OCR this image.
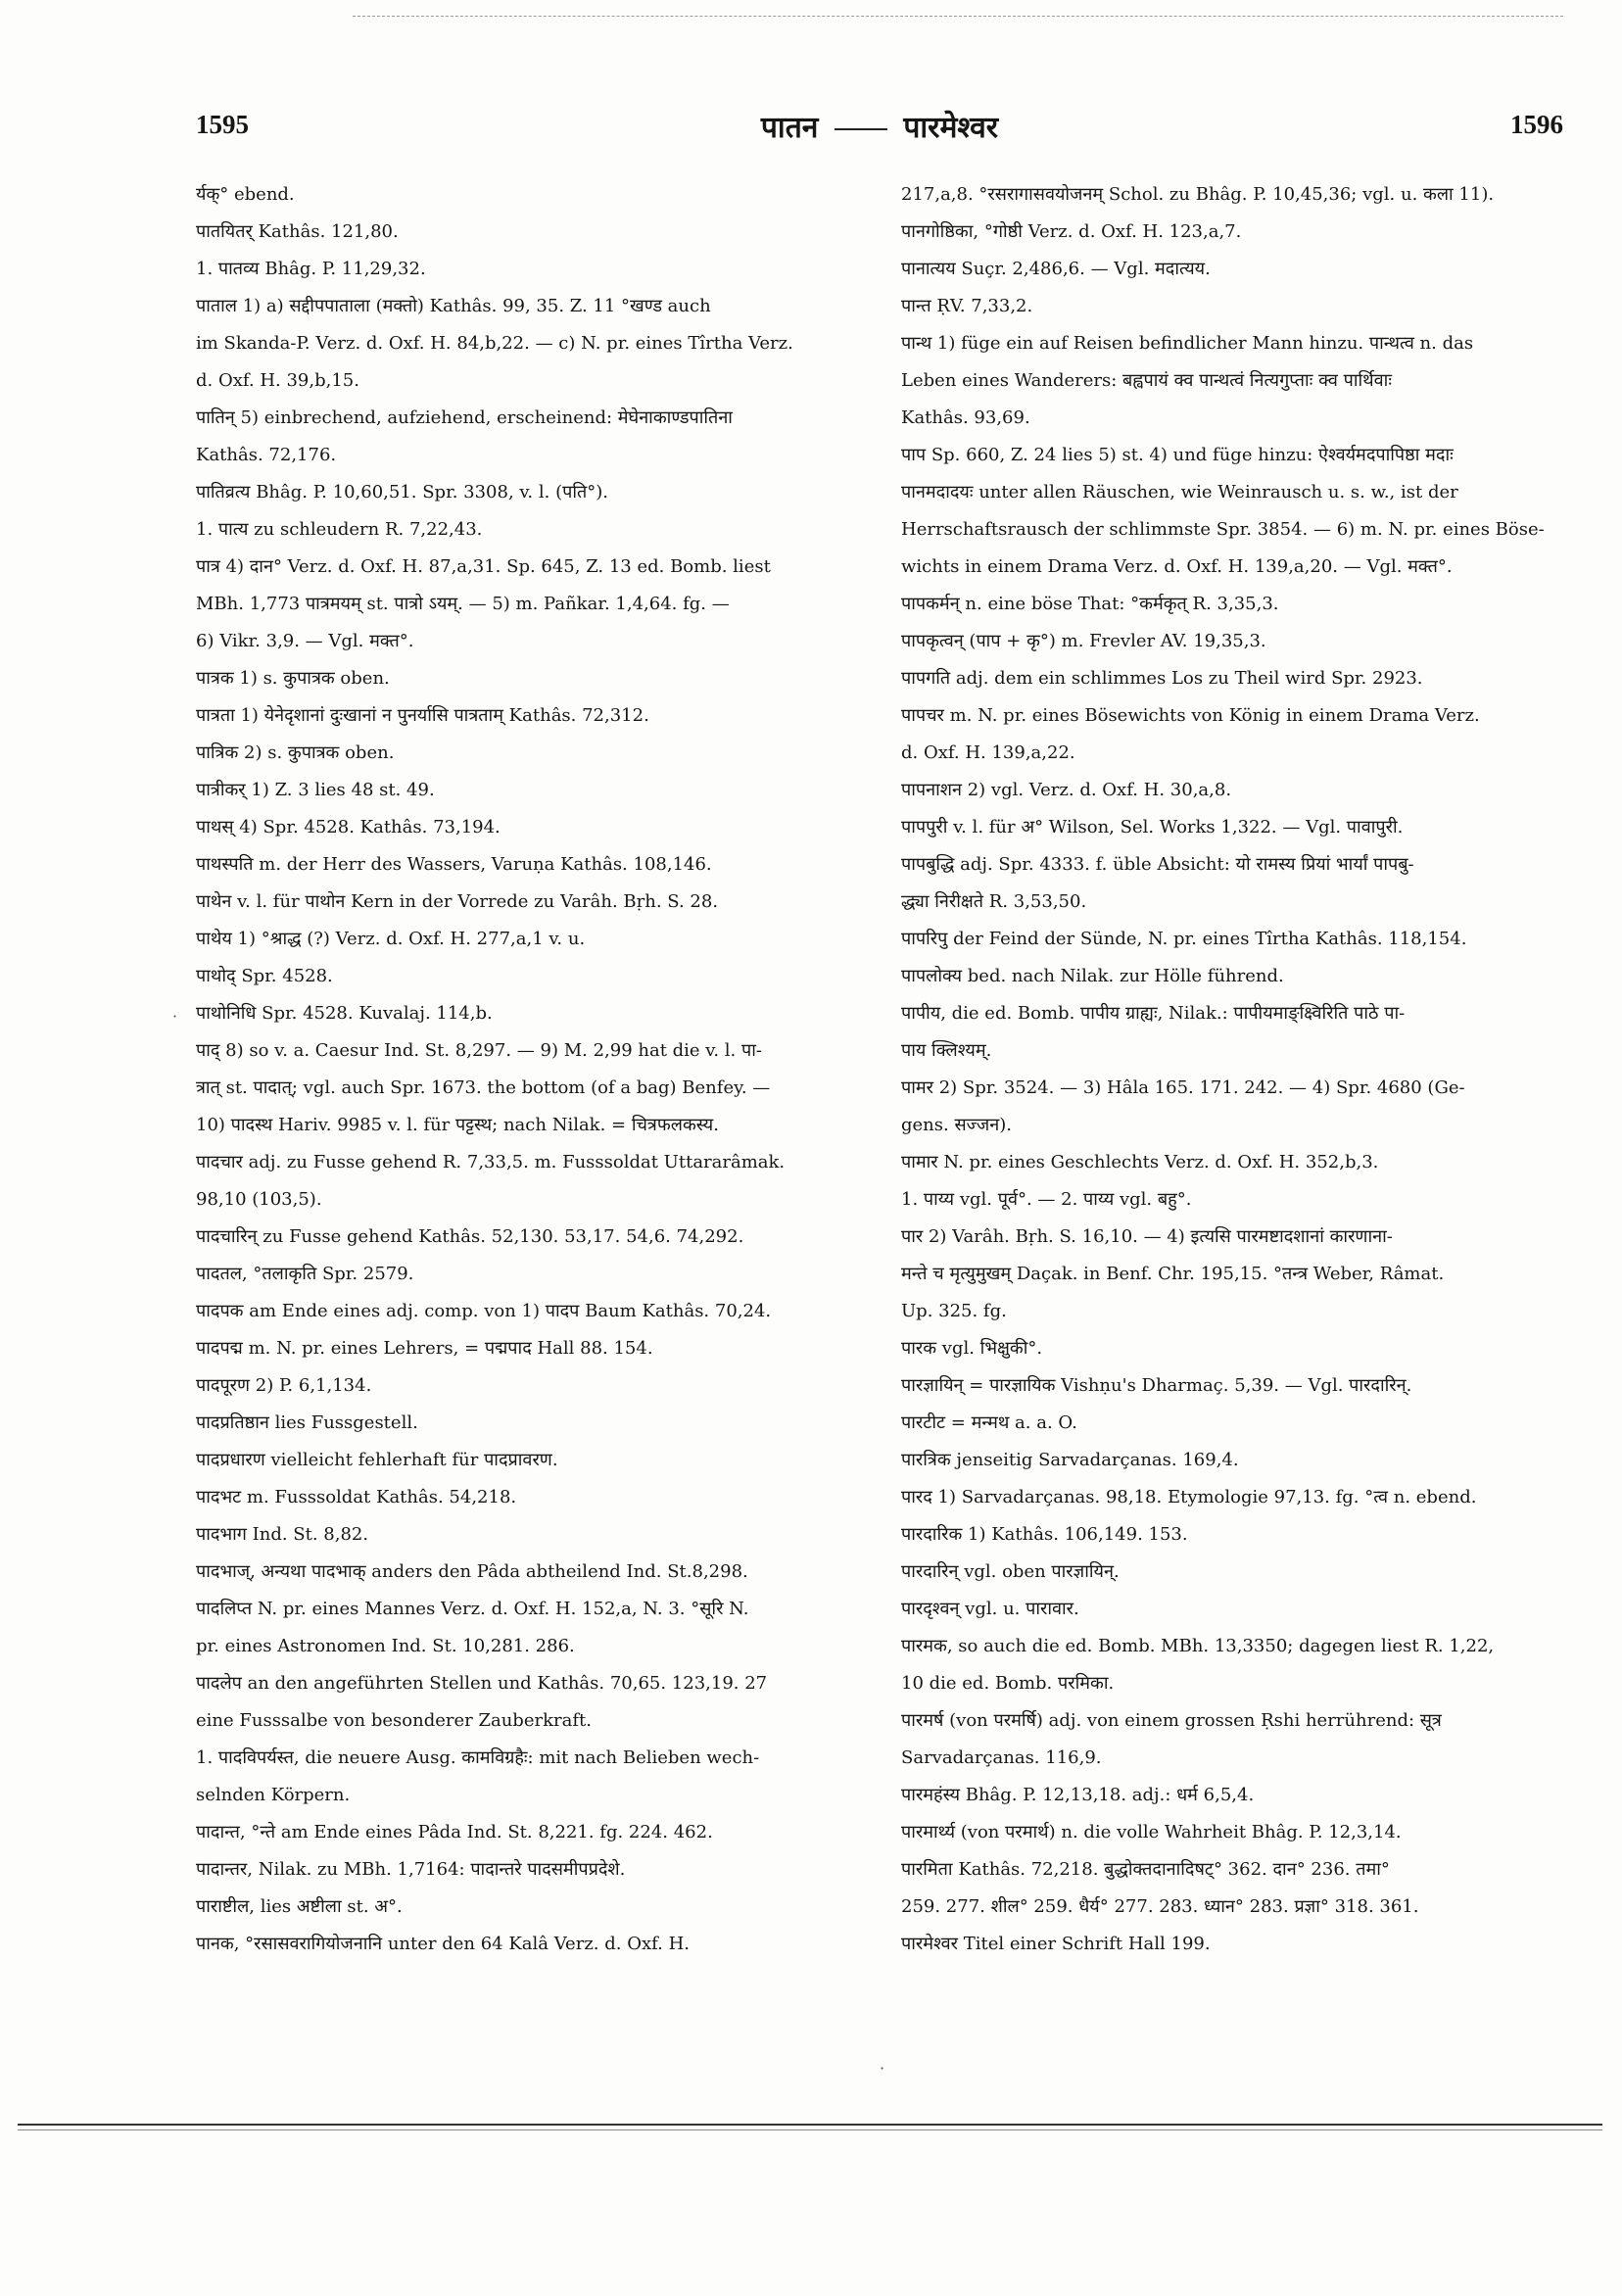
1595	पातन	पारमेश्वर	1596

र्यक्° ebend.

पातयितर् Kathâs. 121,80.

1. पातव्य Bhâg. P. 11,29,32.

पाताल 1) a) सद्दीपपाताला (मक्तो) Kathâs. 99, 35. Z. 11 °खण्ड auch

im Skanda-P. Verz. d. Oxf. H. 84,b,22. — c) N. pr. eines Tîrtha Verz.

d. Oxf. H. 39,b,15.

पातिन् 5) einbrechend, aufziehend, erscheinend: मेघेनाकाण्डपातिना

Kathâs. 72,176.

पातिव्रत्य Bhâg. P. 10,60,51. Spr. 3308, v. l. (पति°).

1. पात्य zu schleudern R. 7,22,43.

पात्र 4) दान° Verz. d. Oxf. H. 87,a,31. Sp. 645, Z. 13 ed. Bomb. liest

MBh. 1,773 पात्रमयम् st. पात्रो ऽयम्. — 5) m. Pañkar. 1,4,64. fg. —

6) Vikr. 3,9. — Vgl. मक्त°.

पात्रक 1) s. कुपात्रक oben.

पात्रता 1) येनेदृशानां दुःखानां न पुनर्यासि पात्रताम् Kathâs. 72,312.

पात्रिक 2) s. कुपात्रक oben.

पात्रीकर् 1) Z. 3 lies 48 st. 49.

पाथस् 4) Spr. 4528. Kathâs. 73,194.

पाथस्पति m. der Herr des Wassers, Varuṇa Kathâs. 108,146.

पाथेन v. l. für पाथोन Kern in der Vorrede zu Varâh. Bṛh. S. 28.

पाथेय 1) °श्राद्ध (?) Verz. d. Oxf. H. 277,a,1 v. u.

पाथोद् Spr. 4528.

पाथोनिधि Spr. 4528. Kuvalaj. 114,b.

पाद् 8) so v. a. Caesur Ind. St. 8,297. — 9) M. 2,99 hat die v. l. पा-

त्रात् st. पादात्; vgl. auch Spr. 1673. the bottom (of a bag) Benfey. —

10) पादस्थ Hariv. 9985 v. l. für पट्टस्थ; nach Nilak. = चित्रफलकस्य.

पादचार adj. zu Fusse gehend R. 7,33,5. m. Fusssoldat Uttararâmak.

98,10 (103,5).

पादचारिन् zu Fusse gehend Kathâs. 52,130. 53,17. 54,6. 74,292.

पादतल, °तलाकृति Spr. 2579.

पादपक am Ende eines adj. comp. von 1) पादप Baum Kathâs. 70,24.

पादपद्म m. N. pr. eines Lehrers, = पद्मपाद Hall 88. 154.

पादपूरण 2) P. 6,1,134.

पादप्रतिष्ठान lies Fussgestell.

पादप्रधारण vielleicht fehlerhaft für पादप्रावरण.

पादभट m. Fusssoldat Kathâs. 54,218.

पादभाग Ind. St. 8,82.

पादभाज्, अन्यथा पादभाक् anders den Pâda abtheilend Ind. St.8,298.

पादलिप्त N. pr. eines Mannes Verz. d. Oxf. H. 152,a, N. 3. °सूरि N.

pr. eines Astronomen Ind. St. 10,281. 286.

पादलेप an den angeführten Stellen und Kathâs. 70,65. 123,19. 27

eine Fusssalbe von besonderer Zauberkraft.

1. पादविपर्यस्त, die neuere Ausg. कामविग्रहैः: mit nach Belieben wech-

selnden Körpern.

पादान्त, °न्ते am Ende eines Pâda Ind. St. 8,221. fg. 224. 462.

पादान्तर, Nilak. zu MBh. 1,7164: पादान्तरे पादसमीपप्रदेशे.

पाराष्टील, lies अष्टीला st. अ°.

पानक, °रसासवरागियोजनानि unter den 64 Kalâ Verz. d. Oxf. H.

217,a,8. °रसरागासवयोजनम् Schol. zu Bhâg. P. 10,45,36; vgl. u. कला 11).

पानगोष्ठिका, °गोष्ठी Verz. d. Oxf. H. 123,a,7.

पानात्यय Suçr. 2,486,6. — Vgl. मदात्यय.

पान्त ṚV. 7,33,2.

पान्थ 1) füge ein auf Reisen befindlicher Mann hinzu. पान्थत्व n. das

Leben eines Wanderers: बह्वपायं क्व पान्थत्वं नित्यगुप्ताः क्व पार्थिवाः

Kathâs. 93,69.

पाप Sp. 660, Z. 24 lies 5) st. 4) und füge hinzu: ऐश्वर्यमदपापिष्ठा मदाः

पानमदादयः unter allen Räuschen, wie Weinrausch u. s. w., ist der

Herrschaftsrausch der schlimmste Spr. 3854. — 6) m. N. pr. eines Böse-

wichts in einem Drama Verz. d. Oxf. H. 139,a,20. — Vgl. मक्त°.

पापकर्मन् n. eine böse That: °कर्मकृत् R. 3,35,3.

पापकृत्वन् (पाप + कृ°) m. Frevler AV. 19,35,3.

पापगति adj. dem ein schlimmes Los zu Theil wird Spr. 2923.

पापचर m. N. pr. eines Bösewichts von König in einem Drama Verz.

d. Oxf. H. 139,a,22.

पापनाशन 2) vgl. Verz. d. Oxf. H. 30,a,8.

पापपुरी v. l. für अ° Wilson, Sel. Works 1,322. — Vgl. पावापुरी.

पापबुद्धि adj. Spr. 4333. f. üble Absicht: यो रामस्य प्रियां भार्यां पापबु-

द्ध्या निरीक्षते R. 3,53,50.

पापरिपु der Feind der Sünde, N. pr. eines Tîrtha Kathâs. 118,154.

पापलोक्य bed. nach Nilak. zur Hölle führend.

पापीय, die ed. Bomb. पापीय ग्राह्यः, Nilak.: पापीयमाङ्क्ष्विरिति पाठे पा-

पाय क्लिश्यम्.

पामर 2) Spr. 3524. — 3) Hâla 165. 171. 242. — 4) Spr. 4680 (Ge-

gens. सज्जन).

पामार N. pr. eines Geschlechts Verz. d. Oxf. H. 352,b,3.

1. पाय्य vgl. पूर्व°. — 2. पाय्य vgl. बहु°.

पार 2) Varâh. Bṛh. S. 16,10. — 4) इत्यसि पारमष्टादशानां कारणाना-

मन्ते च मृत्युमुखम् Daçak. in Benf. Chr. 195,15. °तन्त्र Weber, Râmat.

Up. 325. fg.

पारक vgl. भिक्षुकी°.

पारज्ञायिन् = पारज्ञायिक Vishṇu's Dharmaç. 5,39. — Vgl. पारदारिन्.

पारटीट = मन्मथ a. a. O.

पारत्रिक jenseitig Sarvadarçanas. 169,4.

पारद 1) Sarvadarçanas. 98,18. Etymologie 97,13. fg. °त्व n. ebend.

पारदारिक 1) Kathâs. 106,149. 153.

पारदारिन् vgl. oben पारज्ञायिन्.

पारदृश्वन् vgl. u. पारावार.

पारमक, so auch die ed. Bomb. MBh. 13,3350; dagegen liest R. 1,22,

10 die ed. Bomb. परमिका.

पारमर्ष (von परमर्षि) adj. von einem grossen Ṛshi herrührend: सूत्र

Sarvadarçanas. 116,9.

पारमहंस्य Bhâg. P. 12,13,18. adj.: धर्म 6,5,4.

पारमार्थ्य (von परमार्थ) n. die volle Wahrheit Bhâg. P. 12,3,14.

पारमिता Kathâs. 72,218. बुद्धोक्तदानादिषट्° 362. दान° 236. तमा°

259. 277. शील° 259. धैर्य° 277. 283. ध्यान° 283. प्रज्ञा° 318. 361.

पारमेश्वर Titel einer Schrift Hall 199.

·
·
